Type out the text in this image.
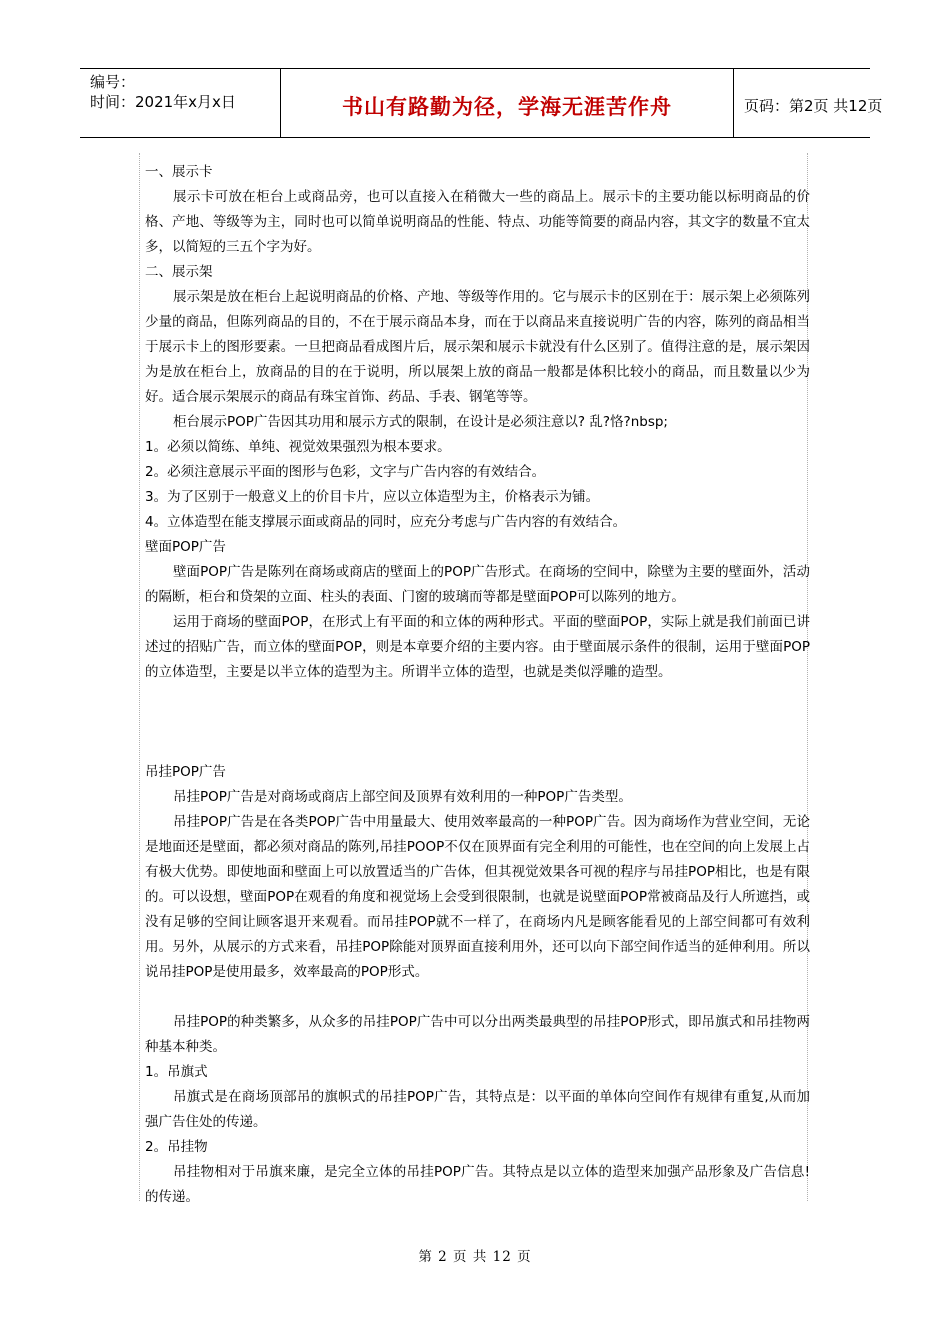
编号：
时间：2021年x月x日	书山有路勤为径，学海无涯苦作舟	页码：第2页 共12页

一、展示卡

展示卡可放在柜台上或商品旁，也可以直接入在稍微大一些的商品上。展示卡的主要功能以标明商品的价格、产地、等级等为主，同时也可以简单说明商品的性能、特点、功能等简要的商品内容，其文字的数量不宜太多，以简短的三五个字为好。

二、展示架

展示架是放在柜台上起说明商品的价格、产地、等级等作用的。它与展示卡的区别在于：展示架上必须陈列少量的商品，但陈列商品的目的，不在于展示商品本身，而在于以商品来直接说明广告的内容，陈列的商品相当于展示卡上的图形要素。一旦把商品看成图片后，展示架和展示卡就没有什么区别了。值得注意的是，展示架因为是放在柜台上，放商品的目的在于说明，所以展架上放的商品一般都是体积比较小的商品，而且数量以少为好。适合展示架展示的商品有珠宝首饰、药品、手表、钢笔等等。

柜台展示POP广告因其功用和展示方式的限制，在设计是必须注意以? 乱?恪?nbsp;

1。必须以简练、单纯、视觉效果强烈为根本要求。

2。必须注意展示平面的图形与色彩，文字与广告内容的有效结合。

3。为了区别于一般意义上的价目卡片，应以立体造型为主，价格表示为铺。

4。立体造型在能支撑展示面或商品的同时，应充分考虑与广告内容的有效结合。

壁面POP广告

壁面POP广告是陈列在商场或商店的壁面上的POP广告形式。在商场的空间中，除壁为主要的壁面外，活动的隔断，柜台和贷架的立面、柱头的表面、门窗的玻璃而等都是壁面POP可以陈列的地方。

运用于商场的壁面POP，在形式上有平面的和立体的两种形式。平面的壁面POP，实际上就是我们前面已讲述过的招贴广告，而立体的壁面POP，则是本章要介绍的主要内容。由于壁面展示条件的很制，运用于壁面POP的立体造型，主要是以半立体的造型为主。所谓半立体的造型，也就是类似浮雕的造型。

吊挂POP广告

吊挂POP广告是对商场或商店上部空间及顶界有效利用的一种POP广告类型。

吊挂POP广告是在各类POP广告中用量最大、使用效率最高的一种POP广告。因为商场作为营业空间，无论是地面还是壁面，都必须对商品的陈列,吊挂POOP不仅在顶界面有完全利用的可能性，也在空间的向上发展上占有极大优势。即使地面和壁面上可以放置适当的广告体，但其视觉效果各可视的程序与吊挂POP相比，也是有限的。可以设想，壁面POP在观看的角度和视觉场上会受到很限制，也就是说壁面POP常被商品及行人所遮挡，或没有足够的空间让顾客退开来观看。而吊挂POP就不一样了，在商场内凡是顾客能看见的上部空间都可有效利用。另外，从展示的方式来看，吊挂POP除能对顶界面直接利用外，还可以向下部空间作适当的延伸利用。所以说吊挂POP是使用最多，效率最高的POP形式。

吊挂POP的种类繁多，从众多的吊挂POP广告中可以分出两类最典型的吊挂POP形式，即吊旗式和吊挂物两种基本种类。

1。吊旗式

吊旗式是在商场顶部吊的旗帜式的吊挂POP广告，其特点是：以平面的单体向空间作有规律有重复,从而加强广告住处的传递。

2。吊挂物

吊挂物相对于吊旗来廉，是完全立体的吊挂POP广告。其特点是以立体的造型来加强产品形象及广告信息! 的传递。

第 2 页 共 12 页
